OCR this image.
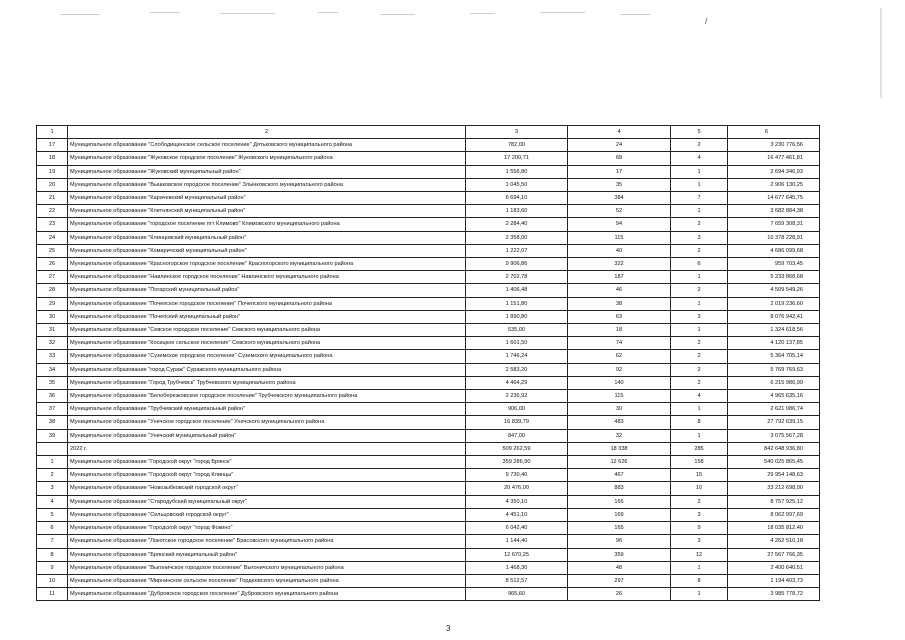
/
1	2	3	4	5	6
17	Муниципальное образование "Слободищенское сельское поселение" Дятьковского муниципального района	782,00	24	2	3 230 776,56
18	Муниципальное образование "Жуковское городское поселение" Жуковского муниципального района	17 200,71	68	4	16 477 461,81
19	Муниципальное образование "Жуковский муниципальный район"	1 556,80	17	1	2 694 346,93
20	Муниципальное образование "Вышковское городское поселение" Злынковского муниципального района	1 045,50	35	1	2 906 130,25
21	Муниципальное образование "Карачевский муниципальный район"	6 694,10	384	7	14 677 645,75
22	Муниципальное образование "Клетнянский муниципальный район"	1 183,60	52	1	3 682 884,38
23	Муниципальное образование "городское поселение пгт Климово" Климовского муниципального района	2 284,40	94	2	7 659 308,31
24	Муниципальное образование "Клинцовский муниципальный район"	2 358,00	115	3	10 378 228,91
25	Муниципальное образование "Комаричский муниципальный район"	1 222,07	40	2	4 686 099,68
26	Муниципальное образование "Красногорское городское поселение" Красногорского муниципального района	9 906,86	322	6	959 703,45
27	Муниципальное образование "Навлинское городское поселение" Навлинского муниципального района	2 702,78	187	1	5 233 868,68
28	Муниципальное образование "Погарский муниципальный район"	1 406,48	46	2	4 509 549,26
29	Муниципальное образование "Почепское городское поселение" Почепского муниципального района	1 151,80	38	1	2 019 236,60
30	Муниципальное образование "Почепский муниципальный район"	1 890,80	63	3	8 076 942,41
31	Муниципальное образование "Севское городское поселение" Севского муниципального района	535,00	18	1	1 324 618,56
32	Муниципальное образование "Косицкое сельское поселение" Севского муниципального района	1 601,50	74	2	4 120 137,85
33	Муниципальное образование "Суземское городское поселение" Суземского муниципального района	1 746,24	62	2	5 364 705,14
34	Муниципальное образование "город Сураж" Суражского муниципального района	2 583,20	92	2	5 769 769,63
35	Муниципальное образование "Город Трубчевск" Трубчевского муниципального района	4 464,29	140	2	6 215 986,99
36	Муниципальное образование "Белоберезковское городское поселение" Трубчевского муниципального района	2 236,92	115	4	4 965 635,16
37	Муниципальное образование "Трубчевский муниципальный район"	906,00	30	1	2 621 086,74
38	Муниципальное образование "Унечское городское поселение" Унечского муниципального района	16 839,79	483	8	27 792 639,15
39	Муниципальное образование "Унечский муниципальный район"	847,00	32	1	3 075 567,28
	2022 г.	509 262,59	18 338	285	842 648 936,80
1	Муниципальное образование "Городской округ "город Брянск"	359 286,90	12 626	158	540 025 865,45
2	Муниципальное образование "Городской округ "город Клинцы"	9 730,40	467	15	29 954 148,63
3	Муниципальное образование "Новозыбковский городской округ"	20 476,00	883	10	33 212 698,00
4	Муниципальное образование "Стародубский муниципальный округ"	4 350,10	165	2	8 757 925,12
5	Муниципальное образование "Сельцовский городской округ"	4 451,10	169	3	8 062 997,69
6	Муниципальное образование "Городской округ "город Фокино"	6 042,40	165	9	18 035 812,40
7	Муниципальное образование "Локотское городское поселение" Брасовского муниципального района	1 144,40	96	3	4 262 510,18
8	Муниципальное образование "Брянский муниципальный район"	12 670,25	359	12	27 567 766,35
9	Муниципальное образование "Выгоничское городское поселение" Выгоничского муниципального района	1 468,30	48	1	2 400 640,51
10	Муниципальное образование "Мирнинское сельское поселение" Гордеевского муниципального района	8 512,57	297	8	1 194 403,73
11	Муниципальное образование "Дубровское городское поселение" Дубровского муниципального района	965,60	26	1	3 985 778,72
3
